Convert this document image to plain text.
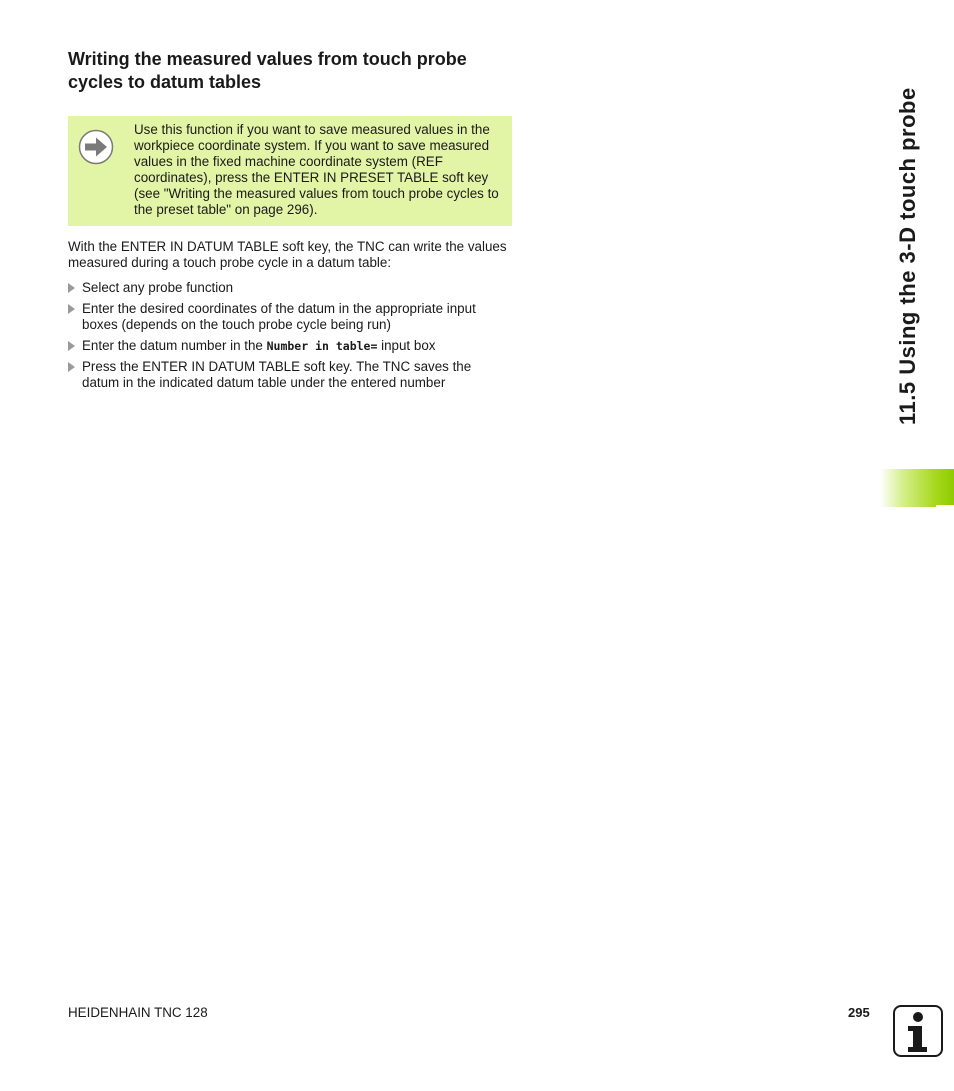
Writing the measured values from touch probe cycles to datum tables

Use this function if you want to save measured values in the workpiece coordinate system. If you want to save measured values in the fixed machine coordinate system (REF coordinates), press the ENTER IN PRESET TABLE soft key (see "Writing the measured values from touch probe cycles to the preset table" on page 296).

With the ENTER IN DATUM TABLE soft key, the TNC can write the values measured during a touch probe cycle in a datum table:

Select any probe function
Enter the desired coordinates of the datum in the appropriate input boxes (depends on the touch probe cycle being run)
Enter the datum number in the Number in table= input box
Press the ENTER IN DATUM TABLE soft key. The TNC saves the datum in the indicated datum table under the entered number	11.5 Using the 3-D touch probe
HEIDENHAIN TNC 128	295
